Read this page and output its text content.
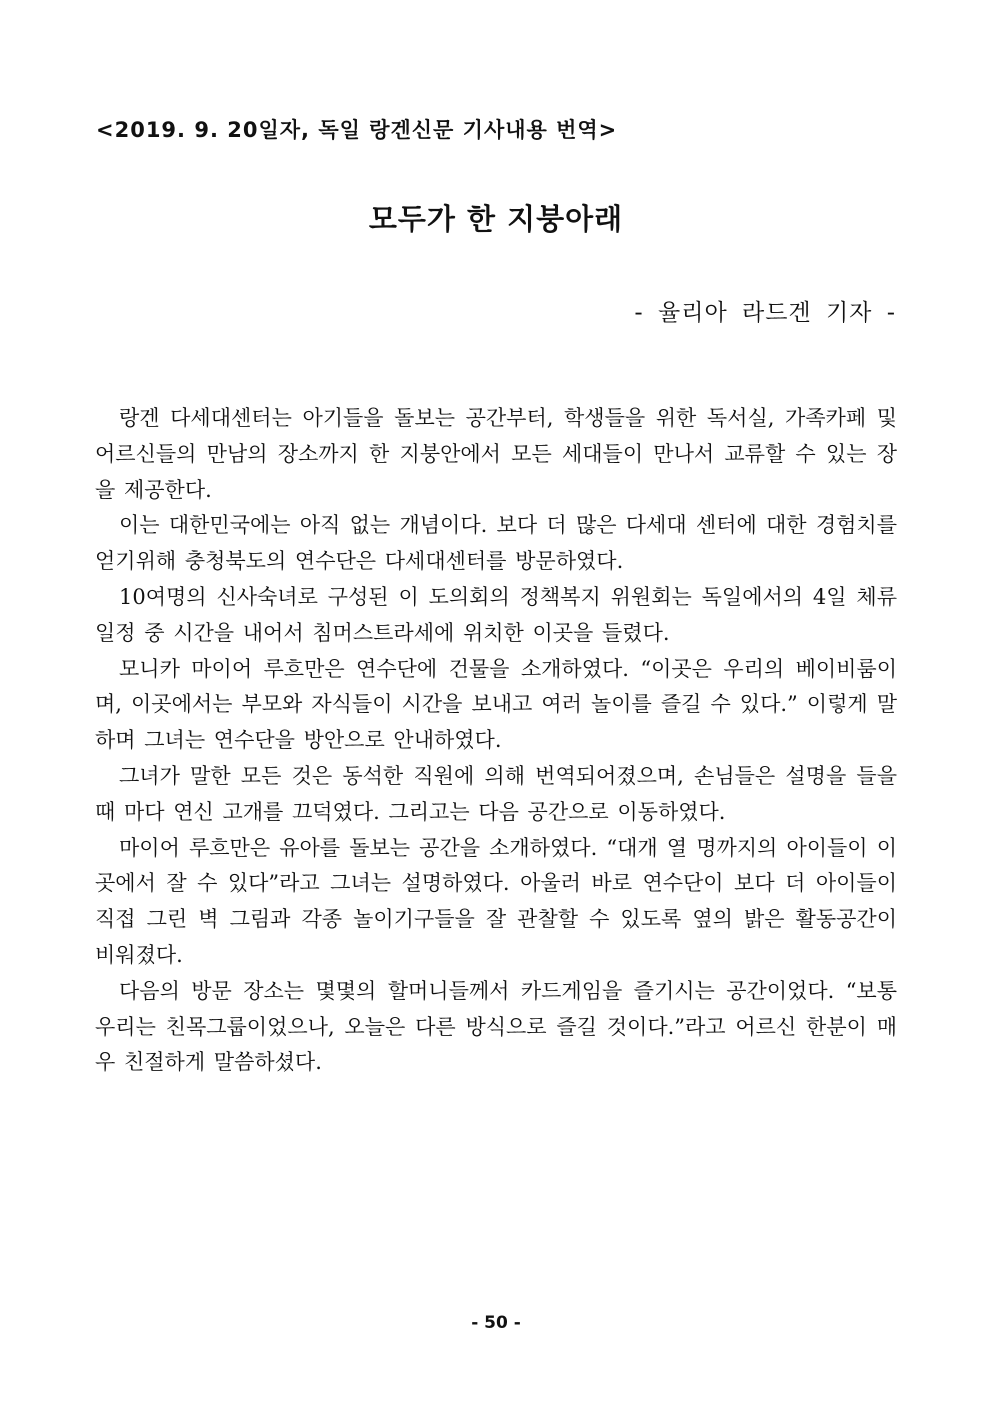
<2019. 9. 20일자, 독일 랑겐신문 기사내용 번역>
모두가 한 지붕아래
- 율리아 라드겐 기자 -

랑겐 다세대센터는 아기들을 돌보는 공간부터, 학생들을 위한 독서실, 가족카페 및 어르신들의 만남의 장소까지 한 지붕안에서 모든 세대들이 만나서 교류할 수 있는 장을 제공한다.

이는 대한민국에는 아직 없는 개념이다. 보다 더 많은 다세대 센터에 대한 경험치를 얻기위해 충청북도의 연수단은 다세대센터를 방문하였다.

10여명의 신사숙녀로 구성된 이 도의회의 정책복지 위원회는 독일에서의 4일 체류 일정 중 시간을 내어서 침머스트라세에 위치한 이곳을 들렸다.

모니카 마이어 루흐만은 연수단에 건물을 소개하였다. “이곳은 우리의 베이비룸이며, 이곳에서는 부모와 자식들이 시간을 보내고 여러 놀이를 즐길 수 있다.” 이렇게 말하며 그녀는 연수단을 방안으로 안내하였다.

그녀가 말한 모든 것은 동석한 직원에 의해 번역되어졌으며, 손님들은 설명을 들을 때 마다 연신 고개를 끄덕였다. 그리고는 다음 공간으로 이동하였다.

마이어 루흐만은 유아를 돌보는 공간을 소개하였다. “대개 열 명까지의 아이들이 이곳에서 잘 수 있다”라고 그녀는 설명하였다. 아울러 바로 연수단이 보다 더 아이들이 직접 그린 벽 그림과 각종 놀이기구들을 잘 관찰할 수 있도록 옆의 밝은 활동공간이 비워졌다.

다음의 방문 장소는 몇몇의 할머니들께서 카드게임을 즐기시는 공간이었다. “보통 우리는 친목그룹이었으나, 오늘은 다른 방식으로 즐길 것이다.”라고 어르신 한분이 매우 친절하게 말씀하셨다.

- 50 -
